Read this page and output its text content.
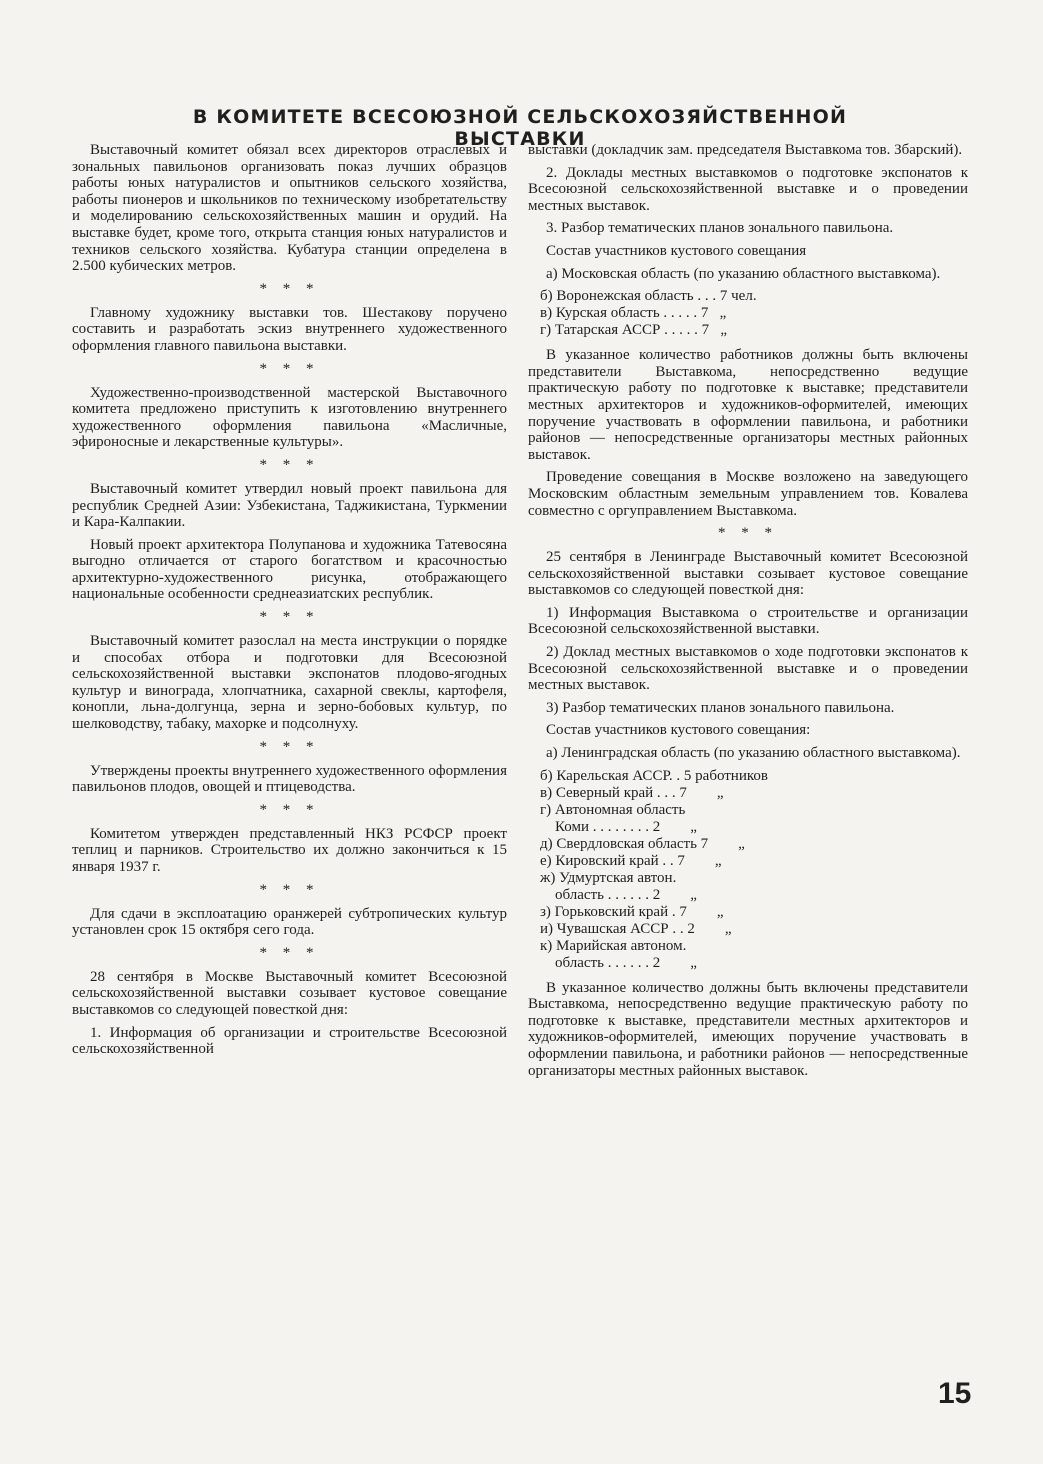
В КОМИТЕТЕ ВСЕСОЮЗНОЙ СЕЛЬСКОХОЗЯЙСТВЕННОЙ ВЫСТАВКИ

Выставочный комитет обязал всех директоров отраслевых и зональных павильонов организовать показ лучших образцов работы юных натуралистов и опытников сельского хозяйства, работы пионеров и школьников по техническому изобретательству и моделированию сельскохозяйственных машин и орудий. На выставке будет, кроме того, открыта станция юных натуралистов и техников сельского хозяйства. Кубатура станции определена в 2.500 кубических метров.

* * *

Главному художнику выставки тов. Шестакову поручено составить и разработать эскиз внутреннего художественного оформления главного павильона выставки.

* * *

Художественно-производственной мастерской Выставочного комитета предложено приступить к изготовлению внутреннего художественного оформления павильона «Масличные, эфироносные и лекарственные культуры».

* * *

Выставочный комитет утвердил новый проект павильона для республик Средней Азии: Узбекистана, Таджикистана, Туркмении и Кара-Калпакии.

Новый проект архитектора Полупанова и художника Татевосяна выгодно отличается от старого богатством и красочностью архитектурно-художественного рисунка, отображающего национальные особенности среднеазиатских республик.

* * *

Выставочный комитет разослал на места инструкции о порядке и способах отбора и подготовки для Всесоюзной сельскохозяйственной выставки экспонатов плодово-ягодных культур и винограда, хлопчатника, сахарной свеклы, картофеля, конопли, льна-долгунца, зерна и зерно-бобовых культур, по шелководству, табаку, махорке и подсолнуху.

* * *

Утверждены проекты внутреннего художественного оформления павильонов плодов, овощей и птицеводства.

* * *

Комитетом утвержден представленный НКЗ РСФСР проект теплиц и парников. Строительство их должно закончиться к 15 января 1937 г.

* * *

Для сдачи в эксплоатацию оранжерей субтропических культур установлен срок 15 октября сего года.

* * *

28 сентября в Москве Выставочный комитет Всесоюзной сельскохозяйственной выставки созывает кустовое совещание выставкомов со следующей повесткой дня:

1. Информация об организации и строительстве Всесоюзной сельскохозяйственной

выставки (докладчик зам. председателя Выставкома тов. Збарский).

2. Доклады местных выставкомов о подготовке экспонатов к Всесоюзной сельскохозяйственной выставке и о проведении местных выставок.

3. Разбор тематических планов зонального павильона.

Состав участников кустового совещания

а) Московская область (по указанию областного выставкома).

б) Воронежская область . . . 7 чел.
в) Курская область . . . . . 7   „
г) Татарская АССР . . . . . 7   „

В указанное количество работников должны быть включены представители Выставкома, непосредственно ведущие практическую работу по подготовке к выставке; представители местных архитекторов и художников-оформителей, имеющих поручение участвовать в оформлении павильона, и работники районов — непосредственные организаторы местных районных выставок.

Проведение совещания в Москве возложено на заведующего Московским областным земельным управлением тов. Ковалева совместно с оргуправлением Выставкома.

* * *

25 сентября в Ленинграде Выставочный комитет Всесоюзной сельскохозяйственной выставки созывает кустовое совещание выставкомов со следующей повесткой дня:

1) Информация Выставкома о строительстве и организации Всесоюзной сельскохозяйственной выставки.

2) Доклад местных выставкомов о ходе подготовки экспонатов к Всесоюзной сельскохозяйственной выставке и о проведении местных выставок.

3) Разбор тематических планов зонального павильона.

Состав участников кустового совещания:

а) Ленинградская область (по указанию областного выставкома).

б) Карельская АССР. . 5 работников
в) Северный край . . . 7        „
г) Автономная область
Коми . . . . . . . . 2        „
д) Свердловская область 7        „
е) Кировский край . . 7        „
ж) Удмуртская автон.
область . . . . . . 2        „
з) Горьковский край . 7        „
и) Чувашская АССР . . 2        „
к) Марийская автоном.
область . . . . . . 2        „

В указанное количество должны быть включены представители Выставкома, непосредственно ведущие практическую работу по подготовке к выставке, представители местных архитекторов и художников-оформителей, имеющих поручение участвовать в оформлении павильона, и работники районов — непосредственные организаторы местных районных выставок.

15
